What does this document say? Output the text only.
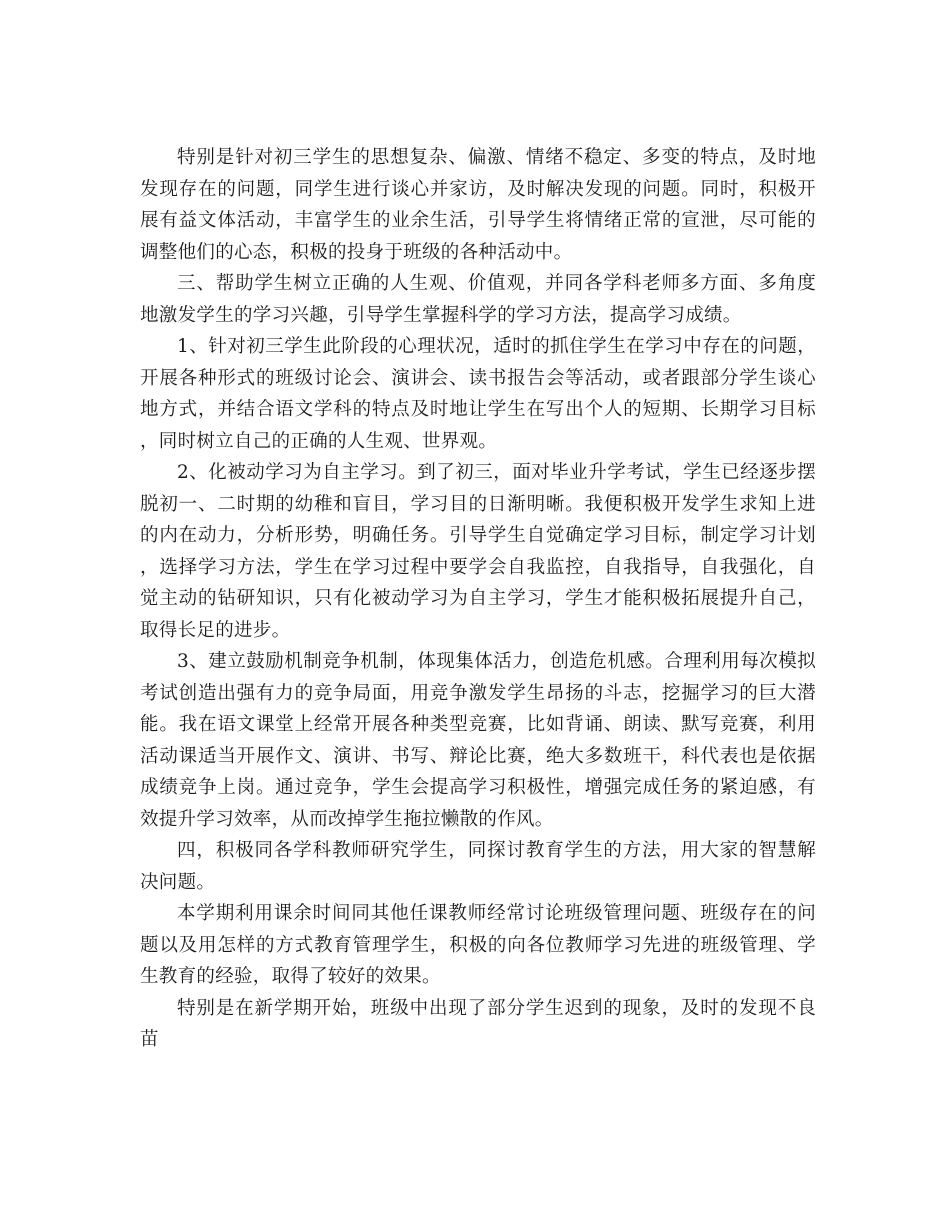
特别是针对初三学生的思想复杂、偏激、情绪不稳定、多变的特点，及时地发现存在的问题，同学生进行谈心并家访，及时解决发现的问题。同时，积极开展有益文体活动，丰富学生的业余生活，引导学生将情绪正常的宣泄，尽可能的调整他们的心态，积极的投身于班级的各种活动中。

三、帮助学生树立正确的人生观、价值观，并同各学科老师多方面、多角度地激发学生的学习兴趣，引导学生掌握科学的学习方法，提高学习成绩。

1、针对初三学生此阶段的心理状况，适时的抓住学生在学习中存在的问题，开展各种形式的班级讨论会、演讲会、读书报告会等活动，或者跟部分学生谈心地方式，并结合语文学科的特点及时地让学生在写出个人的短期、长期学习目标，同时树立自己的正确的人生观、世界观。

2、化被动学习为自主学习。到了初三，面对毕业升学考试，学生已经逐步摆脱初一、二时期的幼稚和盲目，学习目的日渐明晰。我便积极开发学生求知上进的内在动力，分析形势，明确任务。引导学生自觉确定学习目标，制定学习计划，选择学习方法，学生在学习过程中要学会自我监控，自我指导，自我强化，自觉主动的钻研知识，只有化被动学习为自主学习，学生才能积极拓展提升自己，取得长足的进步。

3、建立鼓励机制竞争机制，体现集体活力，创造危机感。合理利用每次模拟考试创造出强有力的竞争局面，用竞争激发学生昂扬的斗志，挖掘学习的巨大潜能。我在语文课堂上经常开展各种类型竞赛，比如背诵、朗读、默写竞赛，利用活动课适当开展作文、演讲、书写、辩论比赛，绝大多数班干，科代表也是依据成绩竞争上岗。通过竞争，学生会提高学习积极性，增强完成任务的紧迫感，有效提升学习效率，从而改掉学生拖拉懒散的作风。

四，积极同各学科教师研究学生，同探讨教育学生的方法，用大家的智慧解决问题。

本学期利用课余时间同其他任课教师经常讨论班级管理问题、班级存在的问题以及用怎样的方式教育管理学生，积极的向各位教师学习先进的班级管理、学生教育的经验，取得了较好的效果。

特别是在新学期开始，班级中出现了部分学生迟到的现象，及时的发现不良苗
